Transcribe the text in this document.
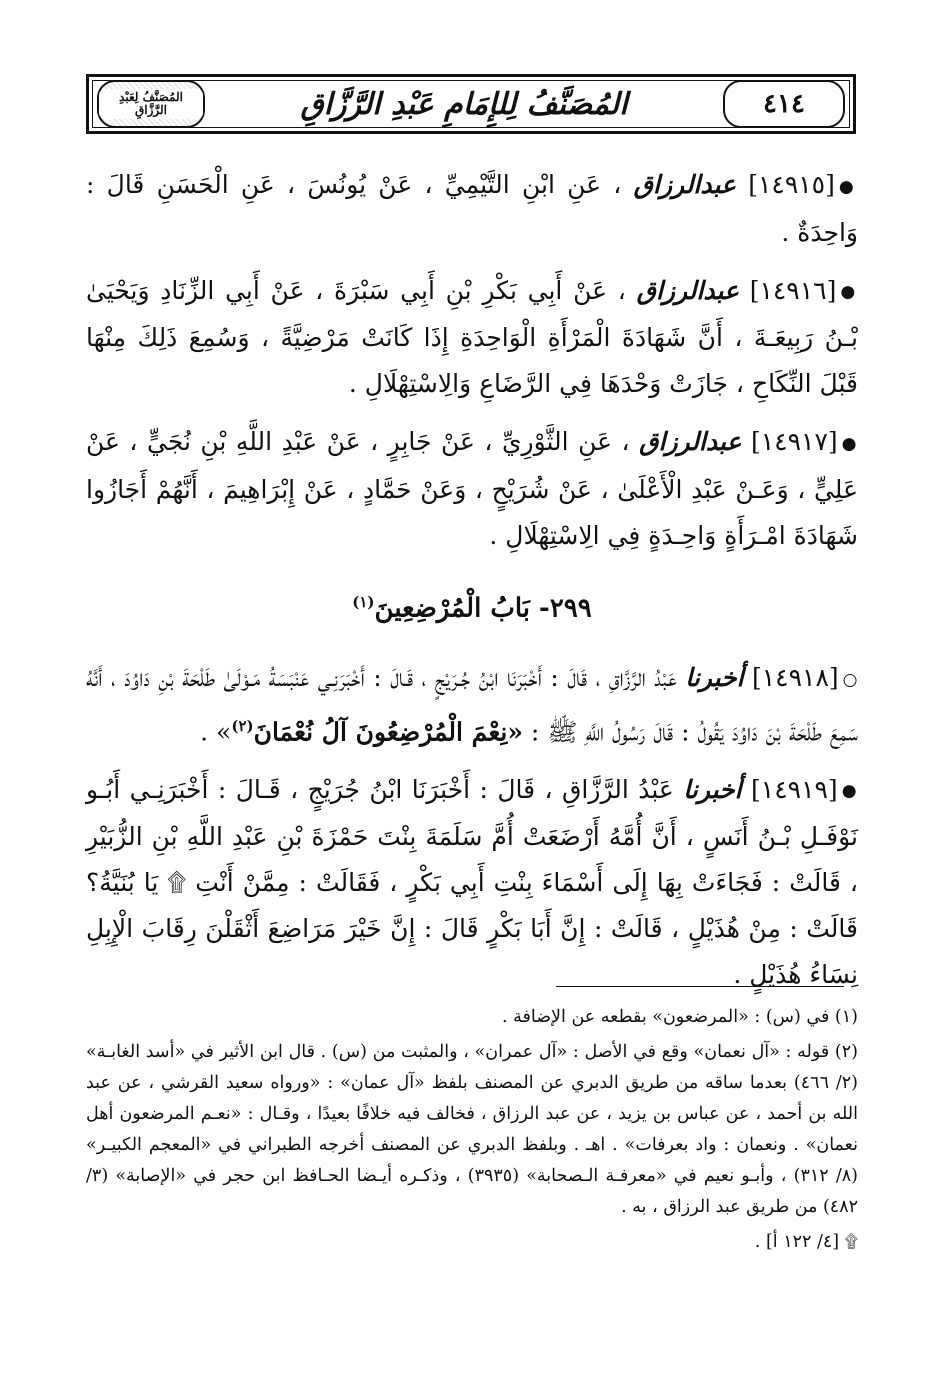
٤١٤
المُصَنَّفُ لِلإِمَامِ عَبْدِ الرَّزَّاقِ
المُصَنَّفُ لِعَبْدِ الرَّزَّاقِ

●[١٤٩١٥] عبدالرزاق ، عَنِ ابْنِ التَّيْمِيِّ ، عَنْ يُونُسَ ، عَنِ الْحَسَنِ قَالَ : وَاحِدَةٌ .

●[١٤٩١٦] عبدالرزاق ، عَنْ أَبِي بَكْرِ بْنِ أَبِي سَبْرَةَ ، عَنْ أَبِي الزِّنَادِ وَيَحْيَىٰ بْـنُ رَبِيعَـةَ ، أَنَّ شَهَادَةَ الْمَرْأَةِ الْوَاحِدَةِ إِذَا كَانَتْ مَرْضِيَّةً ، وَسُمِعَ ذَلِكَ مِنْهَا قَبْلَ النِّكَاحِ ، جَازَتْ وَحْدَهَا فِي الرَّضَاعِ وَالِاسْتِهْلَالِ .

●[١٤٩١٧] عبدالرزاق ، عَنِ الثَّوْرِيِّ ، عَنْ جَابِرٍ ، عَنْ عَبْدِ اللَّهِ بْنِ نُجَيٍّ ، عَنْ عَلِيٍّ ، وَعَـنْ عَبْدِ الْأَعْلَىٰ ، عَنْ شُرَيْحٍ ، وَعَنْ حَمَّادٍ ، عَنْ إِبْرَاهِيمَ ، أَنَّهُمْ أَجَازُوا شَهَادَةَ امْـرَأَةٍ وَاحِـدَةٍ فِي الِاسْتِهْلَالِ .

٢٩٩- بَابُ الْمُرْضِعِينَ$^{(١)}$

○[١٤٩١٨] أخبرنا عَبْدُ الرَّزَّاقِ ، قَالَ : أَخْبَرَنَا ابْنُ جُـرَيْجٍ ، قَـالَ : أَخْبَرَنِـي عَنْبَسَةُ مَـوْلَىٰ طَلْحَةَ بْنِ دَاوُدَ ، أَنَّهُ سَمِعَ طَلْحَةَ بْنَ دَاوُدَ يَقُولُ : قَالَ رَسُولُ اللَّهِ ﷺ : «نِعْمَ الْمُرْضِعُونَ آلُ نُعْمَانَ$^{(٢)}$» .

●[١٤٩١٩] أخبرنا عَبْدُ الرَّزَّاقِ ، قَالَ : أَخْبَرَنَا ابْنُ جُرَيْجٍ ، قَـالَ : أَخْبَرَنِـي أَبُـو نَوْفَـلِ بْـنُ أَنَسٍ ، أَنَّ أُمَّهُ أَرْضَعَتْ أُمَّ سَلَمَةَ بِنْتَ حَمْزَةَ بْنِ عَبْدِ اللَّهِ بْنِ الزُّبَيْرِ ، قَالَتْ : فَجَاءَتْ بِهَا إِلَى أَسْمَاءَ بِنْتِ أَبِي بَكْرٍ ، فَقَالَتْ : مِمَّنْ أَنْتِ ۩ يَا بُنَيَّةُ؟ قَالَتْ : مِنْ هُذَيْلٍ ، قَالَتْ : إِنَّ أَبَا بَكْرٍ قَالَ : إِنَّ خَيْرَ مَرَاضِعَ أَثْقَلْنَ رِقَابَ الْإِبِلِ نِسَاءُ هُذَيْلٍ .

(١) في (س) : «المرضعون» بقطعه عن الإضافة .

(٢) قوله : «آل نعمان» وقع في الأصل : «آل عمران» ، والمثبت من (س) . قال ابن الأثير في «أسد الغابـة» (٢/ ٤٦٦) بعدما ساقه من طريق الدبري عن المصنف بلفظ «آل عمان» : «ورواه سعيد القرشي ، عن عبد الله بن أحمد ، عن عباس بن يزيد ، عن عبد الرزاق ، فخالف فيه خلافًا بعيدًا ، وقـال : «نعـم المرضعون أهل نعمان» . ونعمان : واد بعرفات» . اهـ . وبلفظ الدبري عن المصنف أخرجه الطبراني في «المعجم الكبيـر» (٨/ ٣١٢) ، وأبـو نعيم في «معرفـة الـصحابة» (٣٩٣٥) ، وذكـره أيـضا الحـافظ ابن حجر في «الإصابة» (٣/ ٤٨٢) من طريق عبد الرزاق ، به .

۩ [٤/ ١٢٢ أ] .
